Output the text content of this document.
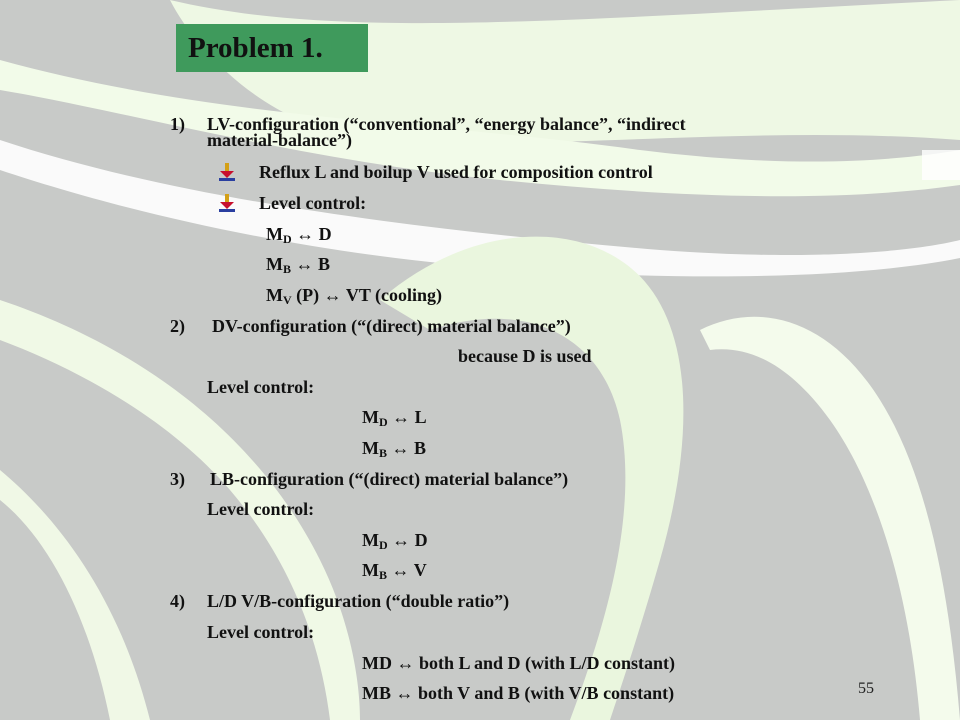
Problem 1.
1) LV-configuration (“conventional”, “energy balance”, “indirect
material-balance”)
Reflux L and boilup V used for composition control
Level control:
$M_D$ ↔ D
$M_B$ ↔ B
$M_V$ (P) ↔ VT (cooling)
2) DV-configuration (“(direct) material balance”)
because D is used
Level control:
$M_D$ ↔ L
$M_B$ ↔ B
3) LB-configuration (“(direct) material balance”)
Level control:
$M_D$ ↔ D
$M_B$ ↔ V
4) L/D V/B-configuration (“double ratio”)
Level control:
MD ↔ both L and D (with L/D constant)
MB ↔ both V and B (with V/B constant)	55
